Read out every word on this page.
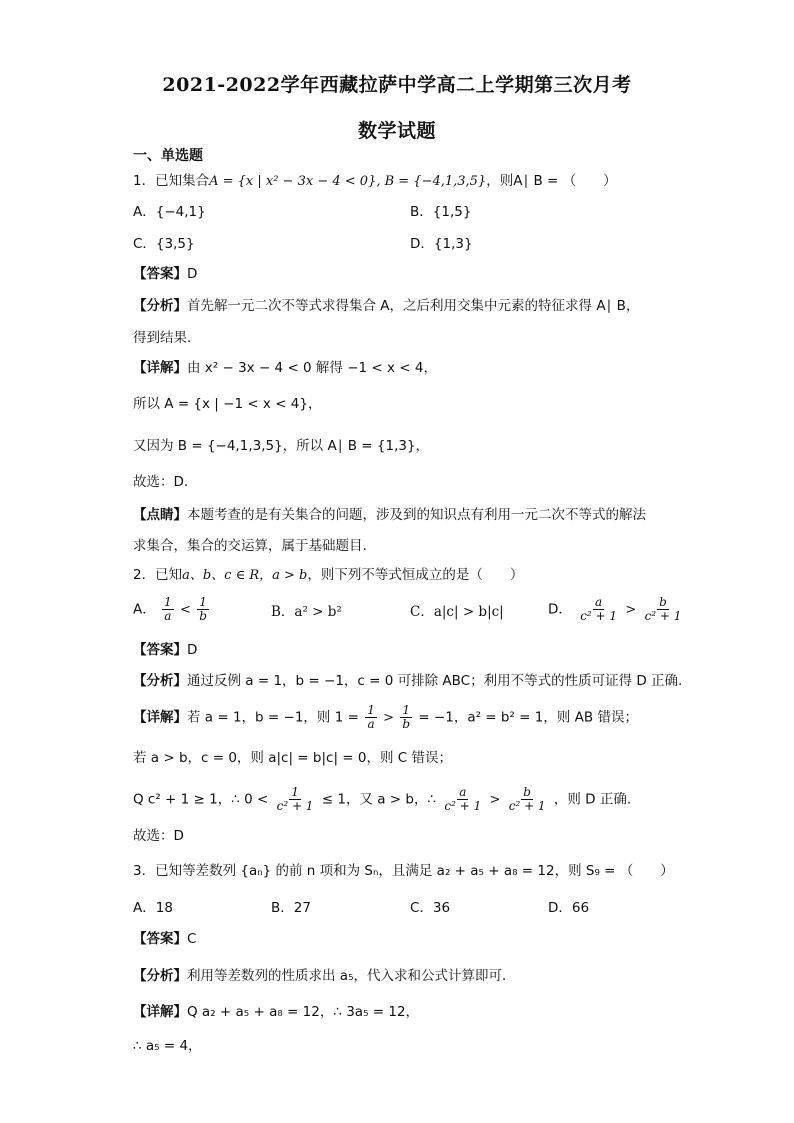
2021-2022学年西藏拉萨中学高二上学期第三次月考
数学试题
一、单选题
1．已知集合A = {x | x² − 3x − 4 < 0}, B = {−4,1,3,5}，则A∣ B = （　　）
A．{−4,1}	B．{1,5}
C．{3,5}	D．{1,3}
【答案】D
【分析】首先解一元二次不等式求得集合 A，之后利用交集中元素的特征求得 A∣ B，
得到结果.
【详解】由 x² − 3x − 4 < 0 解得 −1 < x < 4，
所以 A = {x | −1 < x < 4}，
又因为 B = {−4,1,3,5}，所以 A∣ B = {1,3}，
故选：D.
【点睛】本题考查的是有关集合的问题，涉及到的知识点有利用一元二次不等式的解法
求集合，集合的交运算，属于基础题目.
2．已知a、b、c ∈ R，a > b，则下列不等式恒成立的是（　　）
A． $\frac{1}{a} < \frac{1}{b}$	B．a² > b²	C．a|c| > b|c|	D． $\frac{a}{\text{c² + 1}} > \frac{b}{\text{c² + 1}}$
【答案】D
【分析】通过反例 a = 1，b = −1，c = 0 可排除 ABC；利用不等式的性质可证得 D 正确.
【详解】若 a = 1，b = −1，则 $1 = \frac{1}{a} > \frac{1}{b} = -1$，a² = b² = 1，则 AB 错误；
若 a > b，c = 0，则 a|c| = b|c| = 0，则 C 错误；
Q c² + 1 ≥ 1，∴ $0 < \frac{1}{\text{c² + 1}} \le 1$，又 a > b，∴ $\frac{a}{\text{c² + 1}} > \frac{b}{\text{c² + 1}}$ ，则 D 正确.
故选：D
3．已知等差数列 {aₙ} 的前 n 项和为 Sₙ，且满足 a₂ + a₅ + a₈ = 12，则 S₉ = （　　）
A．18	B．27	C．36	D．66
【答案】C
【分析】利用等差数列的性质求出 a₅，代入求和公式计算即可．
【详解】Q a₂ + a₅ + a₈ = 12，∴ 3a₅ = 12，
∴ a₅ = 4，
